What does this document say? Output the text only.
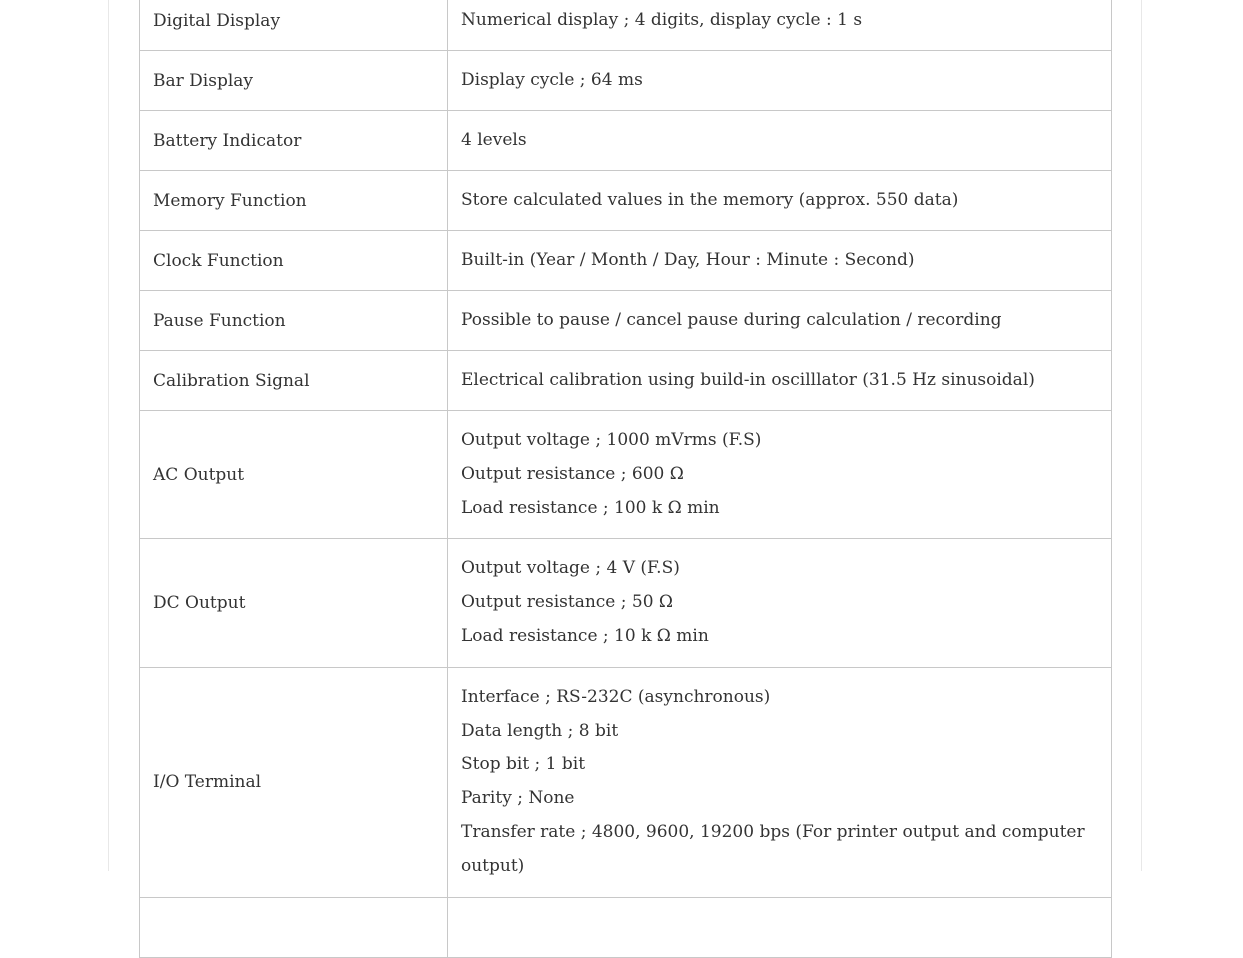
Digital Display	Numerical display ; 4 digits, display cycle : 1 s

Bar Display	Display cycle ; 64 ms

Battery Indicator	4 levels

Memory Function	Store calculated values in the memory (approx. 550 data)

Clock Function	Built-in (Year / Month / Day, Hour : Minute : Second)

Pause Function	Possible to pause / cancel pause during calculation / recording

Calibration Signal	Electrical calibration using build-in oscilllator (31.5 Hz sinusoidal)

AC Output	Output voltage ; 1000 mVrms (F.S)
Output resistance ; 600 Ω
Load resistance ; 100 k Ω min

DC Output	Output voltage ; 4 V (F.S)
Output resistance ; 50 Ω
Load resistance ; 10 k Ω min

I/O Terminal	Interface ; RS-232C (asynchronous)
Data length ; 8 bit
Stop bit ; 1 bit
Parity ; None
Transfer rate ; 4800, 9600, 19200 bps (For printer output and computer output)
